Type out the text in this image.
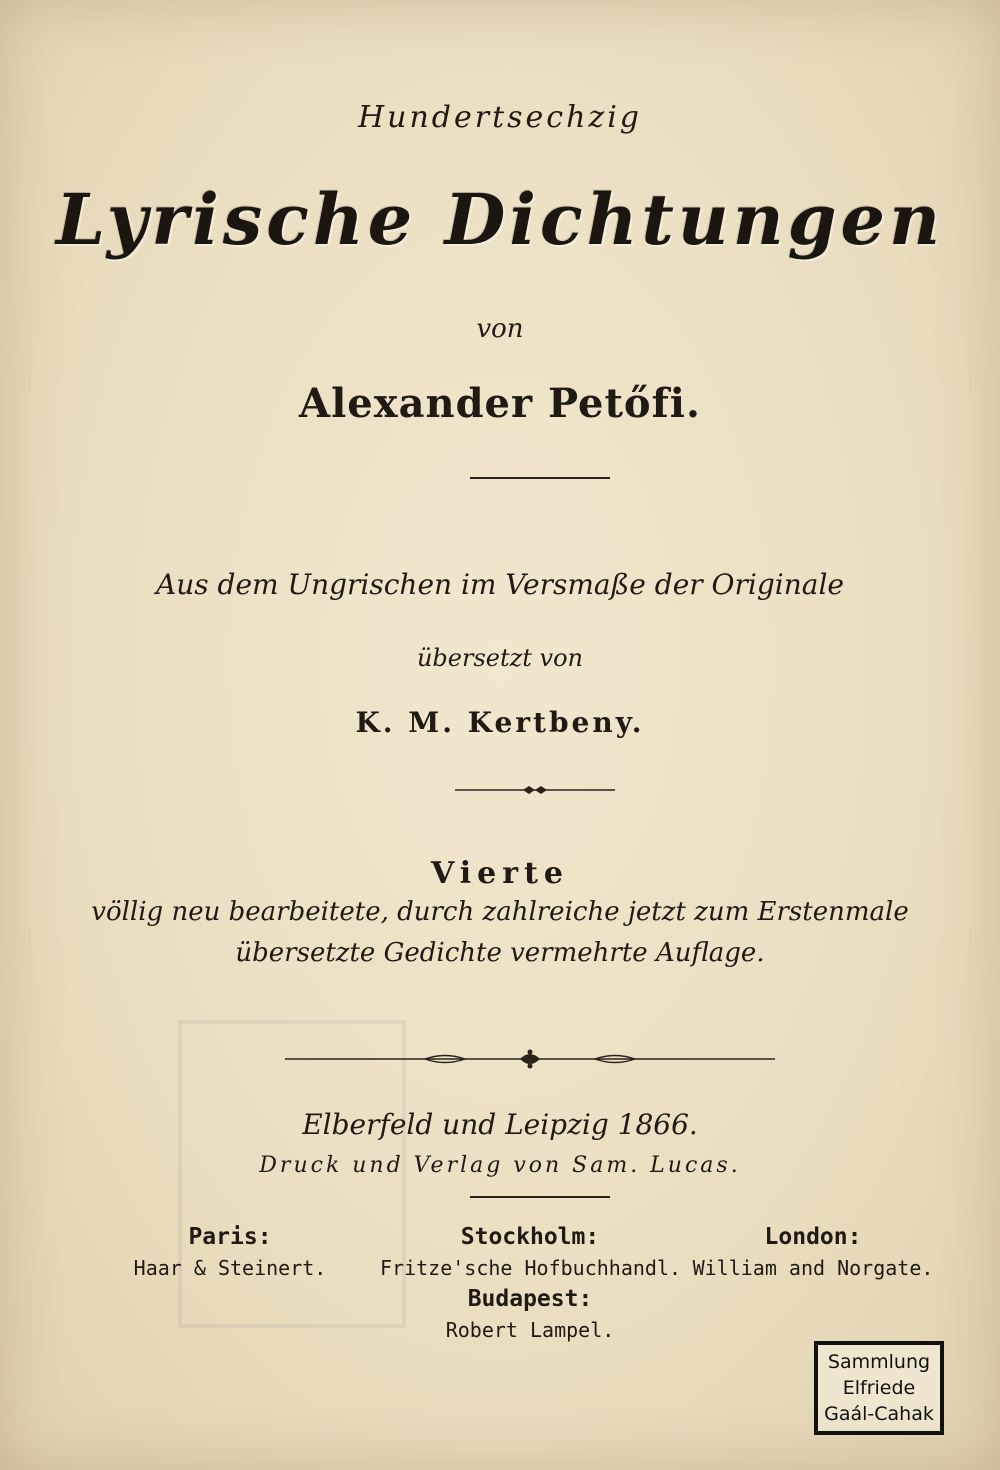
Hundertsechzig
Lyrische Dichtungen
von
Alexander Petőfi.
Aus dem Ungrischen im Versmaße der Originale
übersetzt von
K. M. Kertbeny.
Vierte
völlig neu bearbeitete, durch zahlreiche jetzt zum Erstenmale
übersetzte Gedichte vermehrte Auflage.
Elberfeld und Leipzig 1866.
Druck und Verlag von Sam. Lucas.
Paris:
Haar & Steinert.
Stockholm:
Fritze'sche Hofbuchhandl.
London:
William and Norgate.
Budapest:
Robert Lampel.
Sammlung
Elfriede
Gaál-Cahak
